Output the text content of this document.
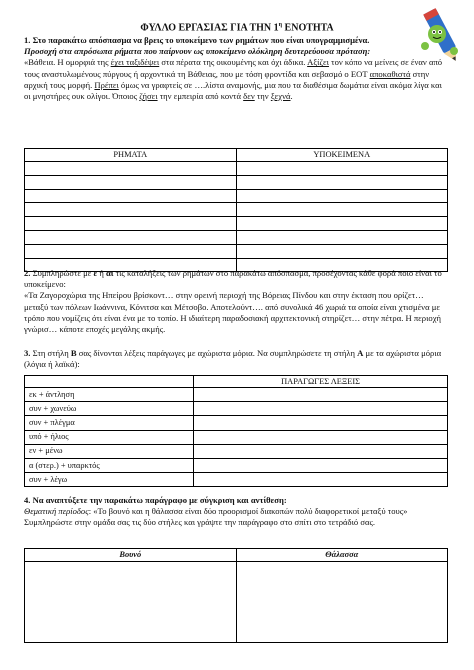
ΦΥΛΛΟ ΕΡΓΑΣΙΑΣ ΓΙΑ ΤΗΝ $1^\eta$ ΕΝΟΤΗΤΑ
1. Στο παρακάτω απόσπασμα να βρεις το υποκείμενο των ρημάτων που είναι υπογραμμισμένα.
Προσοχή στα απρόσωπα ρήματα που παίρνουν ως υποκείμενο ολόκληρη δευτερεύουσα πρόταση:
«Βάθεια. Η ομορφιά της έχει ταξιδέψει στα πέρατα της οικουμένης και όχι άδικα. Αξίζει τον κόπο να μείνεις σε έναν από τους αναστυλωμένους πύργους ή αρχοντικά τη Βάθειας, που με τόση φροντίδα και σεβασμό ο ΕΟΤ αποκαθιστά στην αρχική τους μορφή. Πρέπει όμως να γραφτείς σε ….λίστα αναμονής, μια που τα διαθέσιμα δωμάτια είναι ακόμα λίγα και οι μνηστήρες ουκ ολίγοι. Όποιος ζήσει την εμπειρία από κοντά δεν την ξεχνά.
ΡΗΜΑΤΑ	ΥΠΟΚΕΙΜΕΝΑ

2. Συμπληρώστε με ε ή αι τις καταλήξεις των ρημάτων στο παρακάτω απόσπασμα, προσέχοντας κάθε φορά ποιο είναι το υποκείμενο:
«Τα Ζαγοροχώρια της Ηπείρου βρίσκοντ… στην ορεινή περιοχή της Βόρειας Πίνδου και στην έκταση που ορίζετ… μεταξύ των πόλεων Ιωάννινα, Κόνιτσα και Μέτσοβο. Αποτελούντ…. από συνολικά 46 χωριά τα οποία είναι χτισμένα με τρόπο που νομίζεις ότι είναι ένα με το τοπίο. Η ιδιαίτερη παραδοσιακή αρχιτεκτονική στηρίζετ… στην πέτρα. Η περιοχή γνώρισ… κάποτε εποχές μεγάλης ακμής.
3. Στη στήλη Β σας δίνονται λέξεις παράγωγες με αχώριστα μόρια. Να συμπληρώσετε τη στήλη Α με τα αχώριστα μόρια (λόγια ή λαϊκά):
	ΠΑΡΑΓΩΓΕΣ ΛΕΞΕΙΣ
εκ + άντληση	
συν + χωνεύω	
συν + πλέγμα	
υπό + ήλιος	
εν + μένω	
α (στερ.) + υπαρκτός	
συν + λέγω	
4. Να αναπτύξετε την παρακάτω παράγραφο με σύγκριση και αντίθεση:
Θεματική περίοδος: «Το βουνό και η θάλασσα είναι δύο προορισμοί διακοπών πολύ διαφορετικοί μεταξύ τους»
Συμπληρώστε στην ομάδα σας τις δύο στήλες και γράψτε την παράγραφο στο σπίτι στο τετράδιό σας.
Βουνό	Θάλασσα
